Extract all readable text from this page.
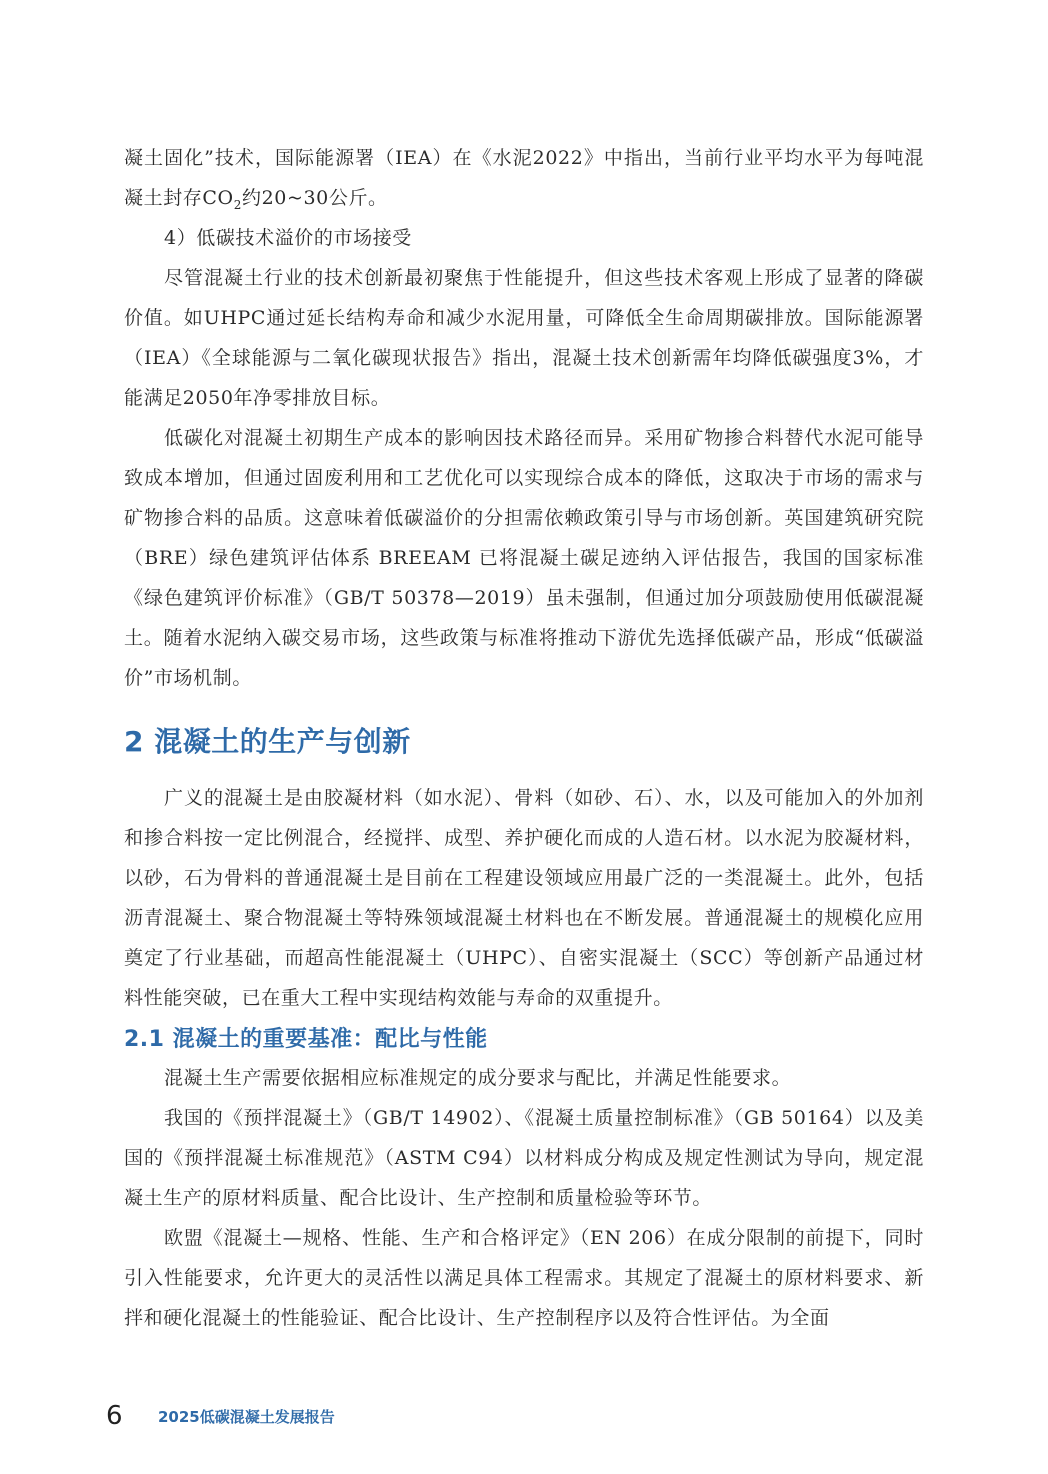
凝土固化”技术，国际能源署（IEA）在《水泥2022》中指出，当前行业平均水平为每吨混凝土封存$CO_2$约20~30公斤。

4）低碳技术溢价的市场接受

尽管混凝土行业的技术创新最初聚焦于性能提升，但这些技术客观上形成了显著的降碳价值。如UHPC通过延长结构寿命和减少水泥用量，可降低全生命周期碳排放。国际能源署（IEA）《全球能源与二氧化碳现状报告》指出，混凝土技术创新需年均降低碳强度3%，才能满足2050年净零排放目标。

低碳化对混凝土初期生产成本的影响因技术路径而异。采用矿物掺合料替代水泥可能导致成本增加，但通过固废利用和工艺优化可以实现综合成本的降低，这取决于市场的需求与矿物掺合料的品质。这意味着低碳溢价的分担需依赖政策引导与市场创新。英国建筑研究院（BRE）绿色建筑评估体系 BREEAM 已将混凝土碳足迹纳入评估报告，我国的国家标准《绿色建筑评价标准》（GB/T 50378—2019）虽未强制，但通过加分项鼓励使用低碳混凝土。随着水泥纳入碳交易市场，这些政策与标准将推动下游优先选择低碳产品，形成“低碳溢价”市场机制。

2 混凝土的生产与创新

广义的混凝土是由胶凝材料（如水泥）、骨料（如砂、石）、水，以及可能加入的外加剂和掺合料按一定比例混合，经搅拌、成型、养护硬化而成的人造石材。以水泥为胶凝材料，以砂，石为骨料的普通混凝土是目前在工程建设领域应用最广泛的一类混凝土。此外，包括沥青混凝土、聚合物混凝土等特殊领域混凝土材料也在不断发展。普通混凝土的规模化应用奠定了行业基础，而超高性能混凝土（UHPC）、自密实混凝土（SCC）等创新产品通过材料性能突破，已在重大工程中实现结构效能与寿命的双重提升。

2.1 混凝土的重要基准：配比与性能

混凝土生产需要依据相应标准规定的成分要求与配比，并满足性能要求。

我国的《预拌混凝土》（GB/T 14902）、《混凝土质量控制标准》（GB 50164）以及美国的《预拌混凝土标准规范》（ASTM C94）以材料成分构成及规定性测试为导向，规定混凝土生产的原材料质量、配合比设计、生产控制和质量检验等环节。

欧盟《混凝土—规格、性能、生产和合格评定》（EN 206）在成分限制的前提下，同时引入性能要求，允许更大的灵活性以满足具体工程需求。其规定了混凝土的原材料要求、新拌和硬化混凝土的性能验证、配合比设计、生产控制程序以及符合性评估。为全面

6 2025低碳混凝土发展报告
